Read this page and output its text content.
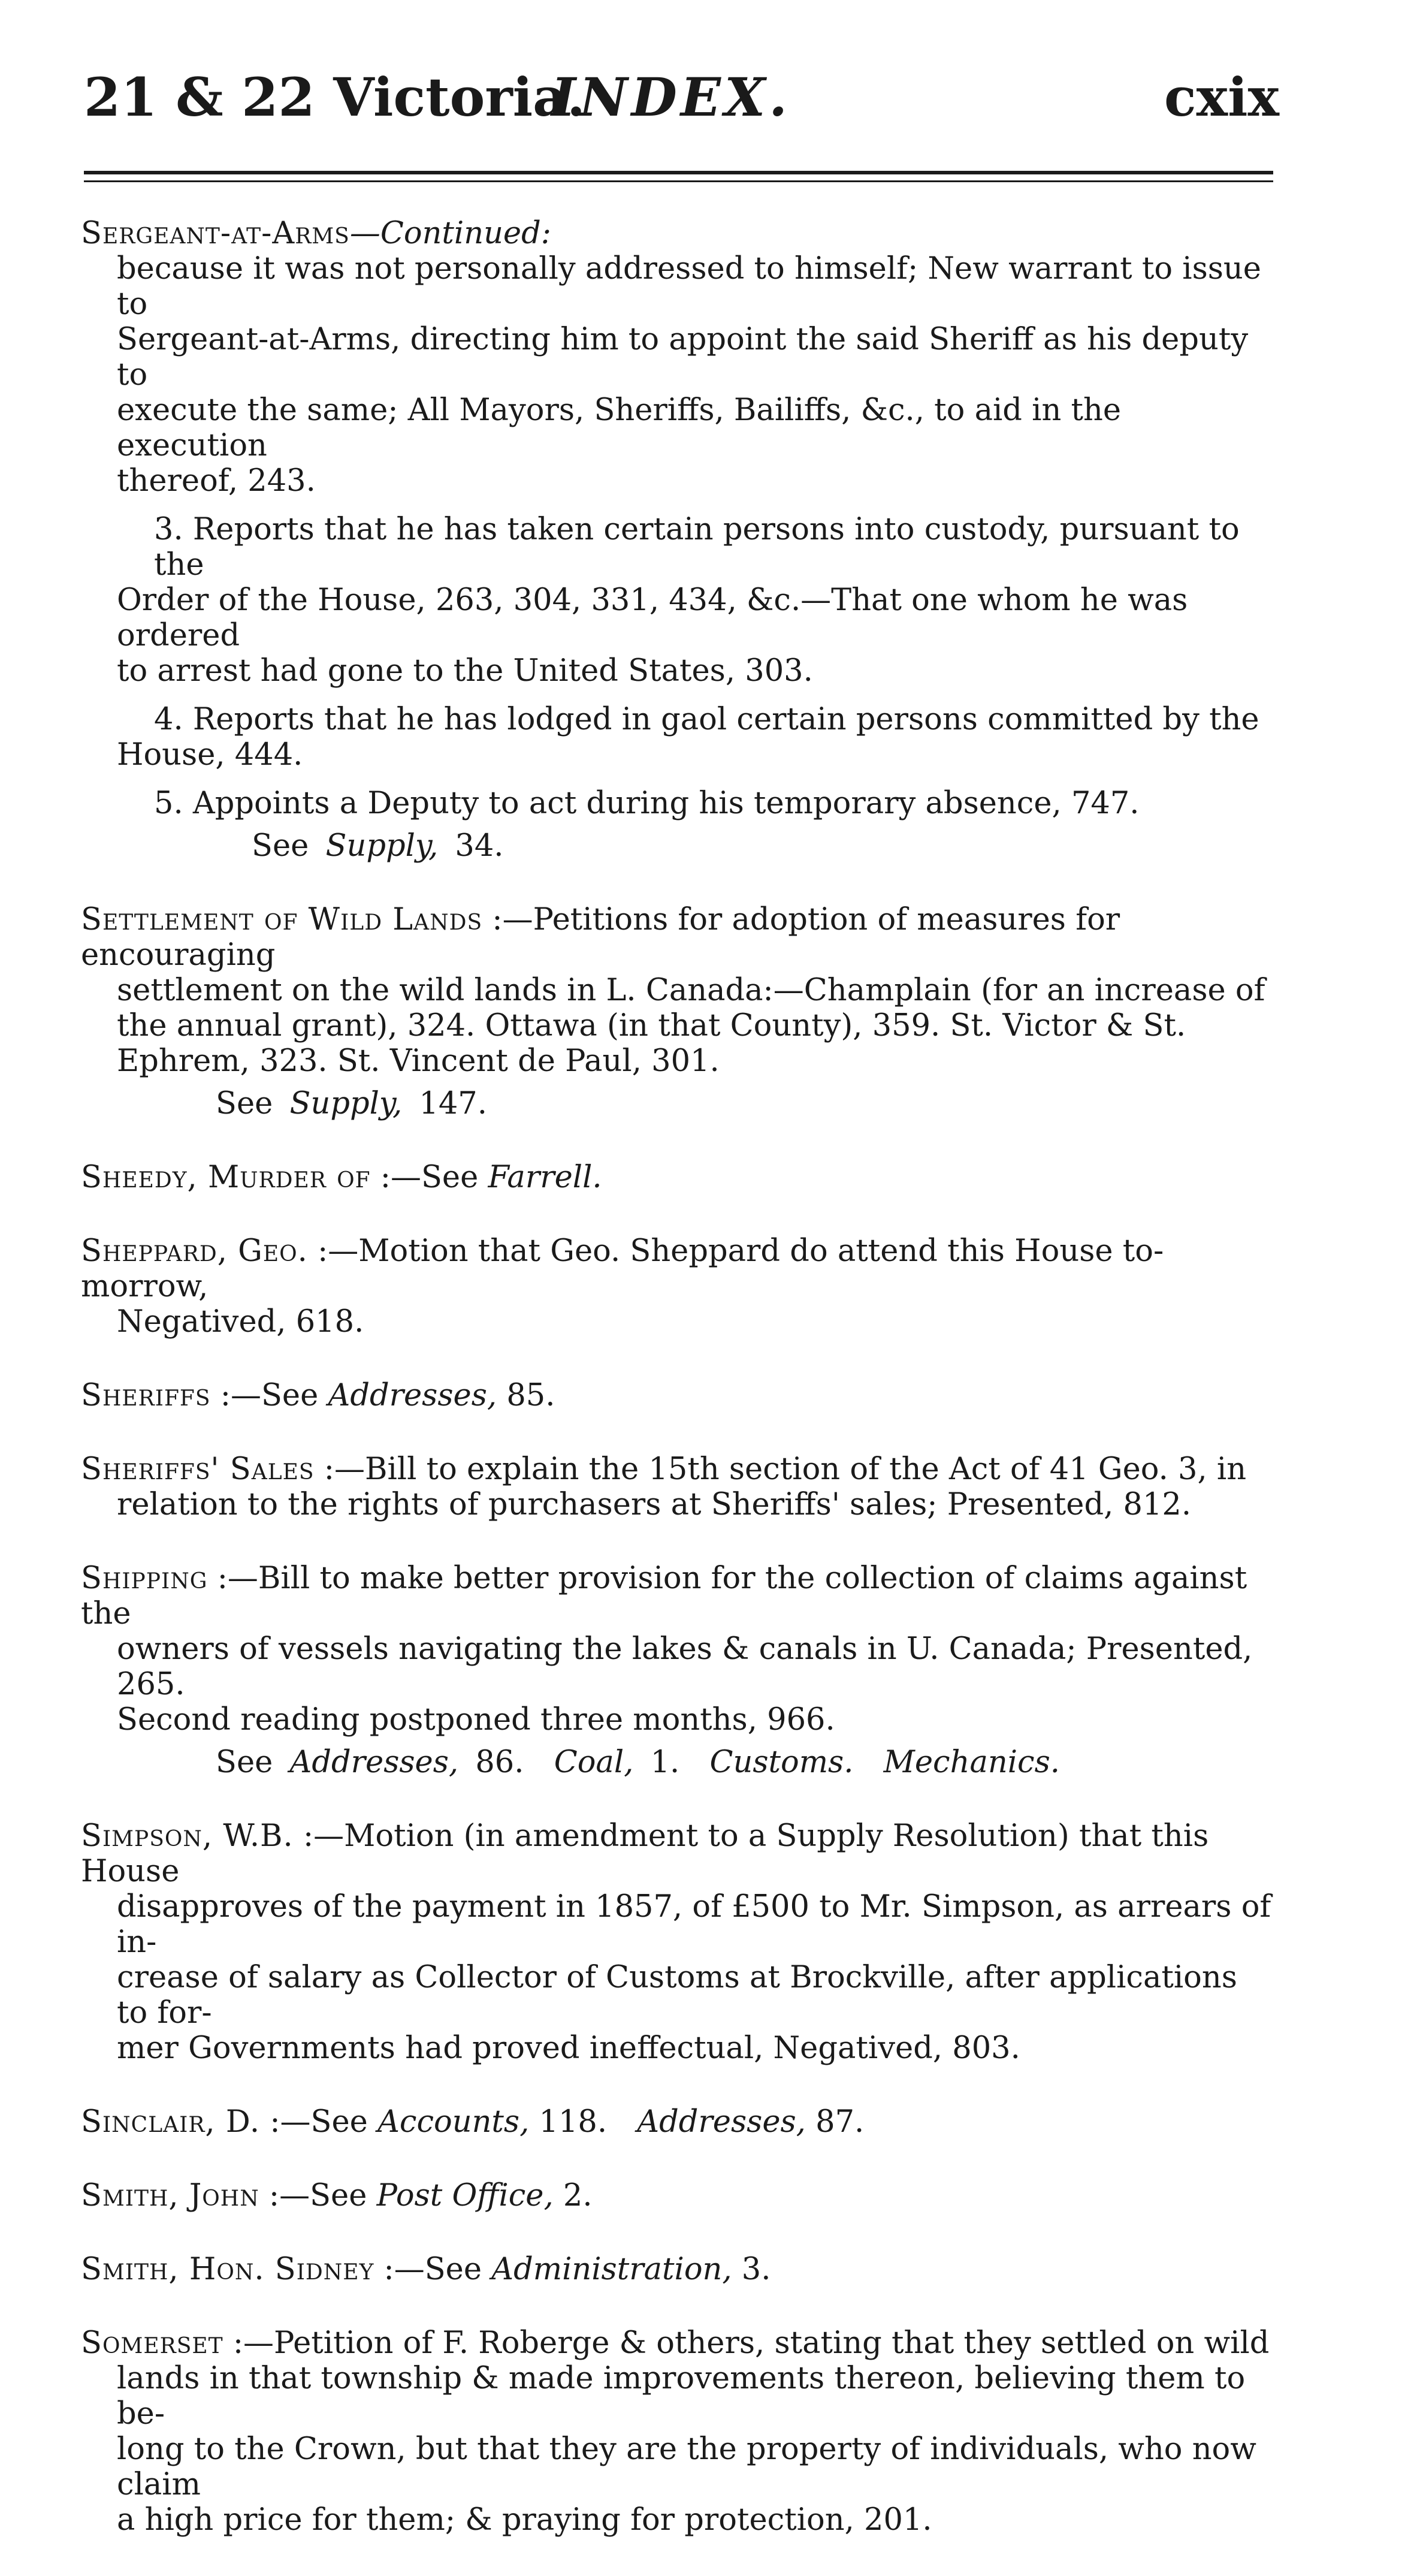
21 & 22 Victoria.
INDEX.	cxix
Sergeant-at-Arms—Continued:
because it was not personally addressed to himself; New warrant to issue to
Sergeant-at-Arms, directing him to appoint the said Sheriff as his deputy to
execute the same; All Mayors, Sheriffs, Bailiffs, &c., to aid in the execution
thereof, 243.
3. Reports that he has taken certain persons into custody, pursuant to the
Order of the House, 263, 304, 331, 434, &c.—That one whom he was ordered
to arrest had gone to the United States, 303.
4. Reports that he has lodged in gaol certain persons committed by the
House, 444.
5. Appoints a Deputy to act during his temporary absence, 747.
See Supply, 34.
Settlement of Wild Lands :—Petitions for adoption of measures for encouraging
settlement on the wild lands in L. Canada:—Champlain (for an increase of
the annual grant), 324. Ottawa (in that County), 359. St. Victor & St.
Ephrem, 323. St. Vincent de Paul, 301.
See Supply, 147.
Sheedy, Murder of :—See Farrell.
Sheppard, Geo. :—Motion that Geo. Sheppard do attend this House to-morrow,
Negatived, 618.
Sheriffs :—See Addresses, 85.
Sheriffs' Sales :—Bill to explain the 15th section of the Act of 41 Geo. 3, in
relation to the rights of purchasers at Sheriffs' sales; Presented, 812.
Shipping :—Bill to make better provision for the collection of claims against the
owners of vessels navigating the lakes & canals in U. Canada; Presented, 265.
Second reading postponed three months, 966.
See Addresses, 86. Coal, 1. Customs. Mechanics.
Simpson, W.B. :—Motion (in amendment to a Supply Resolution) that this House
disapproves of the payment in 1857, of £500 to Mr. Simpson, as arrears of in-
crease of salary as Collector of Customs at Brockville, after applications to for-
mer Governments had proved ineffectual, Negatived, 803.
Sinclair, D. :—See Accounts, 118. Addresses, 87.
Smith, John :—See Post Office, 2.
Smith, Hon. Sidney :—See Administration, 3.
Somerset :—Petition of F. Roberge & others, stating that they settled on wild
lands in that township & made improvements thereon, believing them to be-
long to the Crown, but that they are the property of individuals, who now claim
a high price for them; & praying for protection, 201.
